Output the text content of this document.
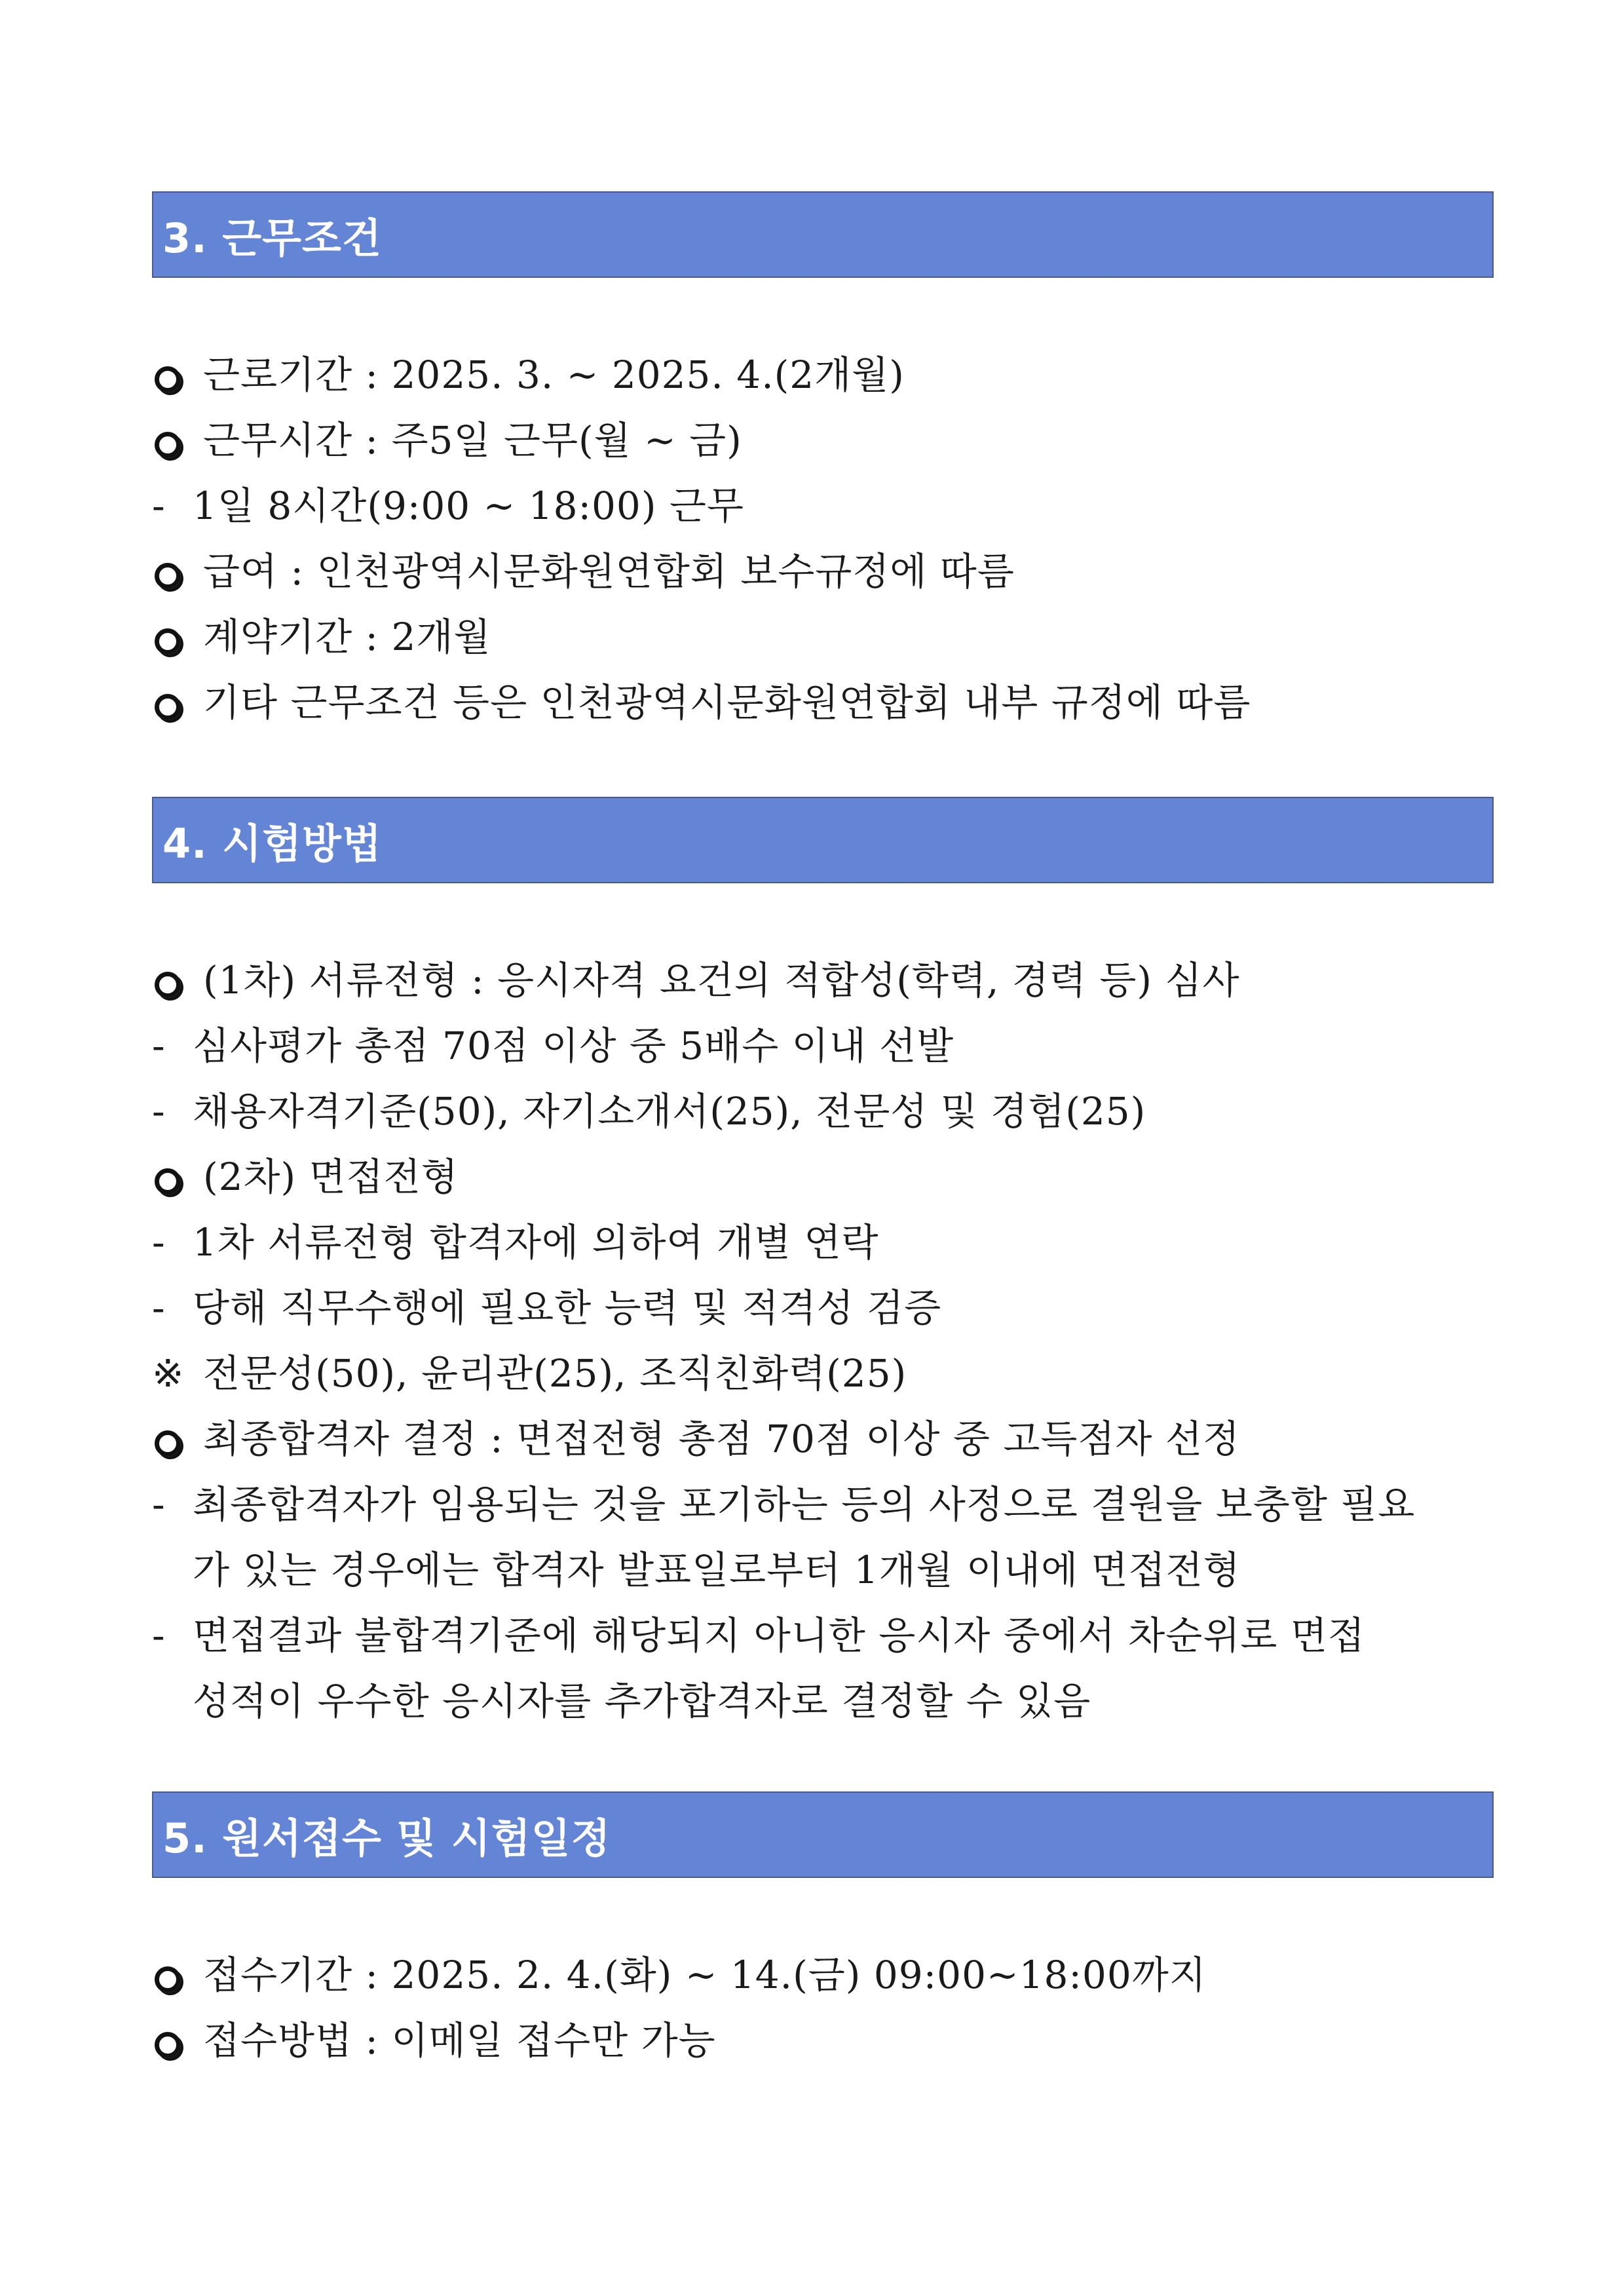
3. 근무조건
근로기간 : 2025. 3. ~ 2025. 4.(2개월)
근무시간 : 주5일 근무(월 ~ 금)
- 1일 8시간(9:00 ~ 18:00) 근무
급여 : 인천광역시문화원연합회 보수규정에 따름
계약기간 : 2개월
기타 근무조건 등은 인천광역시문화원연합회 내부 규정에 따름
4. 시험방법
(1차) 서류전형 : 응시자격 요건의 적합성(학력, 경력 등) 심사
- 심사평가 총점 70점 이상 중 5배수 이내 선발
- 채용자격기준(50), 자기소개서(25), 전문성 및 경험(25)
(2차) 면접전형
- 1차 서류전형 합격자에 의하여 개별 연락
- 당해 직무수행에 필요한 능력 및 적격성 검증
※ 전문성(50), 윤리관(25), 조직친화력(25)
최종합격자 결정 : 면접전형 총점 70점 이상 중 고득점자 선정
- 최종합격자가 임용되는 것을 포기하는 등의 사정으로 결원을 보충할 필요
가 있는 경우에는 합격자 발표일로부터 1개월 이내에 면접전형
- 면접결과 불합격기준에 해당되지 아니한 응시자 중에서 차순위로 면접
성적이 우수한 응시자를 추가합격자로 결정할 수 있음
5. 원서접수 및 시험일정
접수기간 : 2025. 2. 4.(화) ~ 14.(금) 09:00~18:00까지
접수방법 : 이메일 접수만 가능
